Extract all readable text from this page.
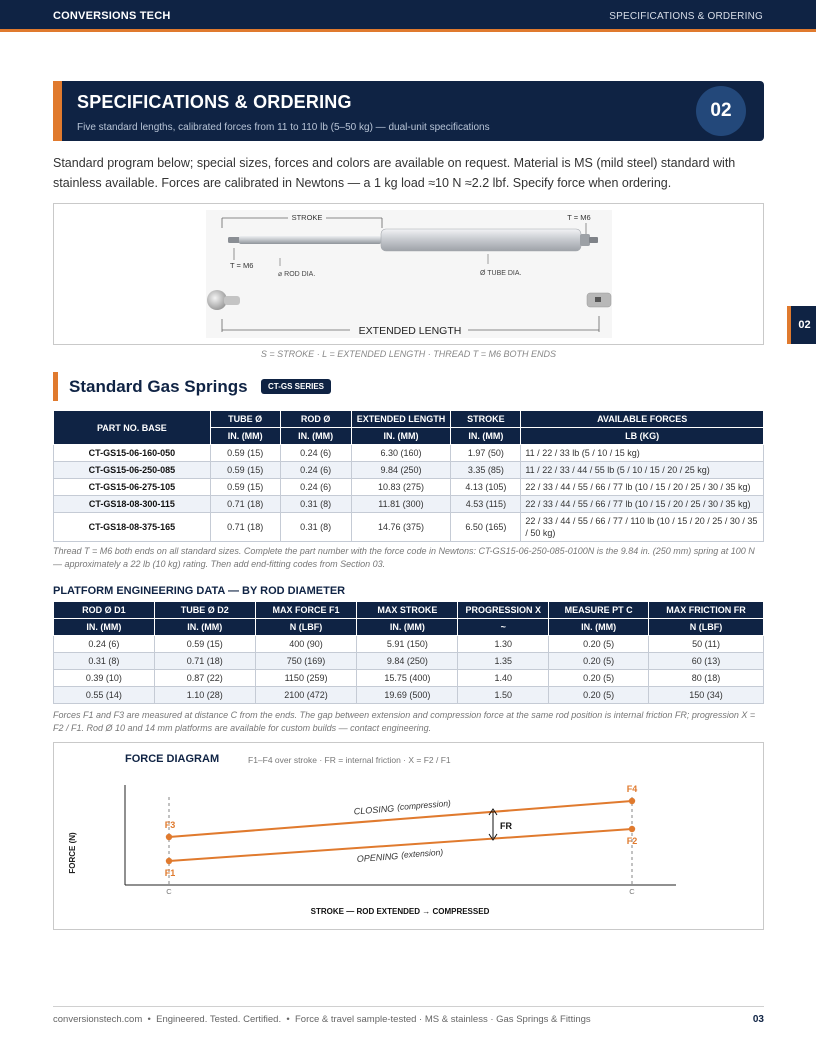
CONVERSIONS TECH	SPECIFICATIONS & ORDERING
02
SPECIFICATIONS & ORDERING
Five standard lengths, calibrated forces from 11 to 110 lb (5–50 kg) — dual-unit specifications
02

Standard program below; special sizes, forces and colors are available on request. Material is MS (mild steel) standard with stainless available. Forces are calibrated in Newtons — a 1 kg load ≈10 N ≈2.2 lbf. Specify force when ordering.

STROKE	T = M6
T = M6
⌀ ROD DIA.	Ø TUBE DIA.
EXTENDED LENGTH
S = STROKE · L = EXTENDED LENGTH · THREAD T = M6 BOTH ENDS
Standard Gas Springs	CT-GS SERIES
PART NO. BASE	TUBE Ø	ROD Ø	EXTENDED LENGTH	STROKE	AVAILABLE FORCES
	IN. (MM)	IN. (MM)	IN. (MM)	IN. (MM)	LB (KG)
CT-GS15-06-160-050	0.59 (15)	0.24 (6)	6.30 (160)	1.97 (50)	11 / 22 / 33 lb (5 / 10 / 15 kg)
CT-GS15-06-250-085	0.59 (15)	0.24 (6)	9.84 (250)	3.35 (85)	11 / 22 / 33 / 44 / 55 lb (5 / 10 / 15 / 20 / 25 kg)
CT-GS15-06-275-105	0.59 (15)	0.24 (6)	10.83 (275)	4.13 (105)	22 / 33 / 44 / 55 / 66 / 77 lb (10 / 15 / 20 / 25 / 30 / 35 kg)
CT-GS18-08-300-115	0.71 (18)	0.31 (8)	11.81 (300)	4.53 (115)	22 / 33 / 44 / 55 / 66 / 77 lb (10 / 15 / 20 / 25 / 30 / 35 kg)
CT-GS18-08-375-165	0.71 (18)	0.31 (8)	14.76 (375)	6.50 (165)	22 / 33 / 44 / 55 / 66 / 77 / 110 lb (10 / 15 / 20 / 25 / 30 / 35 / 50 kg)
Thread T = M6 both ends on all standard sizes. Complete the part number with the force code in Newtons: CT-GS15-06-250-085-0100N is the 9.84 in. (250 mm) spring at 100 N — approximately a 22 lb (10 kg) rating. Then add end-fitting codes from Section 03.
PLATFORM ENGINEERING DATA — BY ROD DIAMETER
ROD Ø D1	TUBE Ø D2	MAX FORCE F1	MAX STROKE	PROGRESSION X	MEASURE PT C	MAX FRICTION FR
IN. (MM)	IN. (MM)	N (LBF)	IN. (MM)	~	IN. (MM)	N (LBF)
0.24 (6)	0.59 (15)	400 (90)	5.91 (150)	1.30	0.20 (5)	50 (11)
0.31 (8)	0.71 (18)	750 (169)	9.84 (250)	1.35	0.20 (5)	60 (13)
0.39 (10)	0.87 (22)	1150 (259)	15.75 (400)	1.40	0.20 (5)	80 (18)
0.55 (14)	1.10 (28)	2100 (472)	19.69 (500)	1.50	0.20 (5)	150 (34)
Forces F1 and F3 are measured at distance C from the ends. The gap between extension and compression force at the same rod position is internal friction FR; progression X = F2 / F1. Rod Ø 10 and 14 mm platforms are available for custom builds — contact engineering.
FORCE DIAGRAM	F1–F4 over stroke · FR = internal friction · X = F2 / F1
FORCE (N)	F1
F2
F3
F4
CLOSING (compression)
OPENING (extension)
FR
C	C
STROKE — ROD EXTENDED → COMPRESSED
conversionstech.com  •  Engineered. Tested. Certified.  •  Force & travel sample-tested · MS & stainless · Gas Springs & Fittings	03
